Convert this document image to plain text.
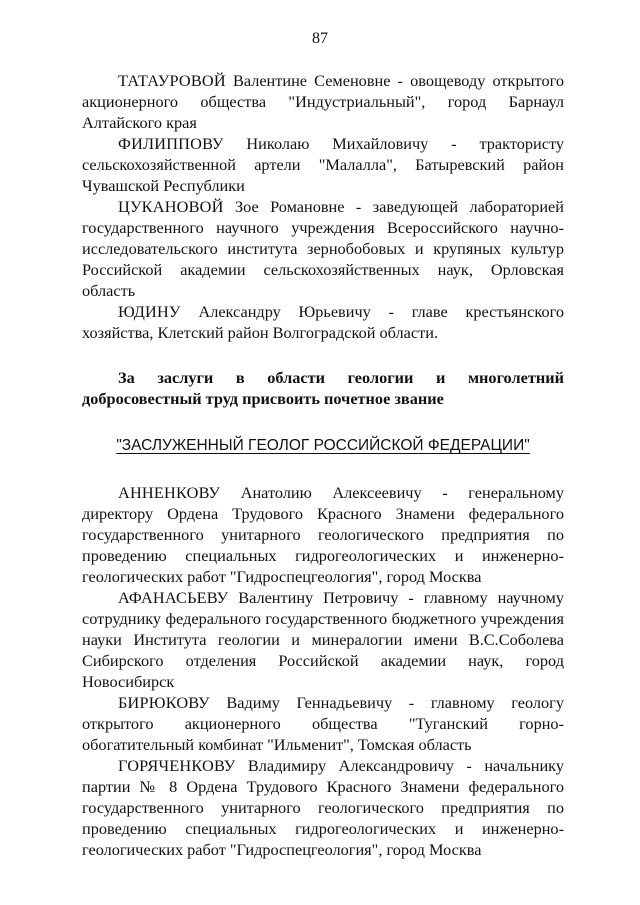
87

ТАТАУРОВОЙ Валентине Семеновне - овощеводу открытого акционерного общества "Индустриальный", город Барнаул Алтайского края

ФИЛИППОВУ Николаю Михайловичу - трактористу сельскохозяйственной артели "Малалла", Батыревский район Чувашской Республики

ЦУКАНОВОЙ Зое Романовне - заведующей лабораторией государственного научного учреждения Всероссийского научно-исследовательского института зернобобовых и крупяных культур Российской академии сельскохозяйственных наук, Орловская область

ЮДИНУ Александру Юрьевичу - главе крестьянского хозяйства, Клетский район Волгоградской области.

За заслуги в области геологии и многолетний добросовестный труд присвоить почетное звание

"ЗАСЛУЖЕННЫЙ ГЕОЛОГ РОССИЙСКОЙ ФЕДЕРАЦИИ"

АННЕНКОВУ Анатолию Алексеевичу - генеральному директору Ордена Трудового Красного Знамени федерального государственного унитарного геологического предприятия по проведению специальных гидрогеологических и инженерно-геологических работ "Гидроспецгеология", город Москва

АФАНАСЬЕВУ Валентину Петровичу - главному научному сотруднику федерального государственного бюджетного учреждения науки Института геологии и минералогии имени В.С.Соболева Сибирского отделения Российской академии наук, город Новосибирск

БИРЮКОВУ Вадиму Геннадьевичу - главному геологу открытого акционерного общества "Туганский горно-обогатительный комбинат "Ильменит", Томская область

ГОРЯЧЕНКОВУ Владимиру Александровичу - начальнику партии № 8 Ордена Трудового Красного Знамени федерального государственного унитарного геологического предприятия по проведению специальных гидрогеологических и инженерно-геологических работ "Гидроспецгеология", город Москва
